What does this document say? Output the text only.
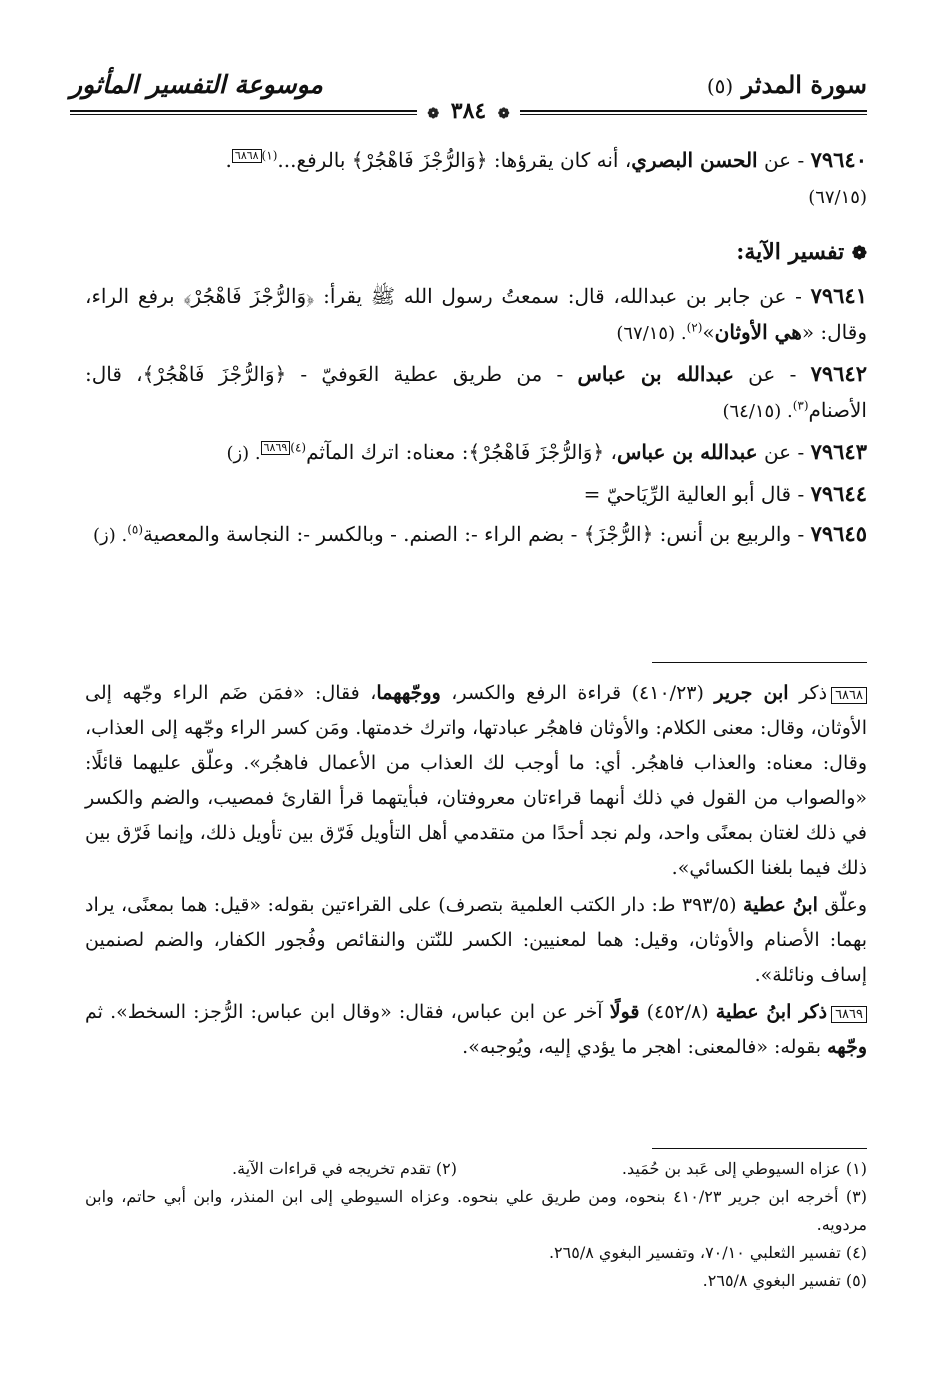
سورة المدثر (٥)
موسوعة التفسير المأثور
❁ ٣٨٤ ❁

٧٩٦٤٠ - عن الحسن البصري، أنه كان يقرؤها: ﴿وَالرُّجْزَ فَاهْجُرْ﴾ بالرفع...$^{(١)}$٦٨٦٨.
(٦٧/١٥)

❁ تفسير الآية:

٧٩٦٤١ - عن جابر بن عبدالله، قال: سمعتُ رسول الله ﷺ يقرأ: ﴿وَالرُّجْزَ فَاهْجُرْ﴾ برفع الراء، وقال: «هي الأوثان»$^{(٢)}$. (٦٧/١٥)

٧٩٦٤٢ - عن عبدالله بن عباس - من طريق عطية العَوفيّ - ﴿وَالرُّجْزَ فَاهْجُرْ﴾، قال: الأصنام$^{(٣)}$. (٦٤/١٥)

٧٩٦٤٣ - عن عبدالله بن عباس، ﴿وَالرُّجْزَ فَاهْجُرْ﴾: معناه: اترك المآثم$^{(٤)}$٦٨٦٩. (ز)

٧٩٦٤٤ - قال أبو العالية الرِّيَاحيّ =

٧٩٦٤٥ - والربيع بن أنس: ﴿الرُّجْزَ﴾ - بضم الراء -: الصنم. - وبالكسر -: النجاسة والمعصية$^{(٥)}$. (ز)

٦٨٦٨ذكر ابن جرير (٤١٠/٢٣) قراءة الرفع والكسر، ووجّههما، فقال: «فمَن ضَم الراء وجّهه إلى الأوثان، وقال: معنى الكلام: والأوثان فاهجُر عبادتها، واترك خدمتها. ومَن كسر الراء وجّهه إلى العذاب، وقال: معناه: والعذاب فاهجُر. أي: ما أوجب لك العذاب من الأعمال فاهجُر». وعلّق عليهما قائلًا: «والصواب من القول في ذلك أنهما قراءتان معروفتان، فبأيتهما قرأ القارئ فمصيب، والضم والكسر في ذلك لغتان بمعنًى واحد، ولم نجد أحدًا من متقدمي أهل التأويل فَرّق بين تأويل ذلك، وإنما فَرّق بين ذلك فيما بلغنا الكسائي».

وعلّق ابنُ عطية (٣٩٣/٥ ط: دار الكتب العلمية بتصرف) على القراءتين بقوله: «قيل: هما بمعنًى، يراد بهما: الأصنام والأوثان، وقيل: هما لمعنيين: الكسر للنّتن والنقائص وفُجور الكفار، والضم لصنمين إساف ونائلة».

٦٨٦٩ذكر ابنُ عطية (٤٥٢/٨) قولًا آخر عن ابن عباس، فقال: «وقال ابن عباس: الرُّجز: السخط». ثم وجّهه بقوله: «فالمعنى: اهجر ما يؤدي إليه، ويُوجبه».

(١) عزاه السيوطي إلى عَبد بن حُمَيد.
(٢) تقدم تخريجه في قراءات الآية.

(٣) أخرجه ابن جرير ٤١٠/٢٣ بنحوه، ومن طريق علي بنحوه. وعزاه السيوطي إلى ابن المنذر، وابن أبي حاتم، وابن مردويه.

(٤) تفسير الثعلبي ٧٠/١٠، وتفسير البغوي ٢٦٥/٨.

(٥) تفسير البغوي ٢٦٥/٨.
